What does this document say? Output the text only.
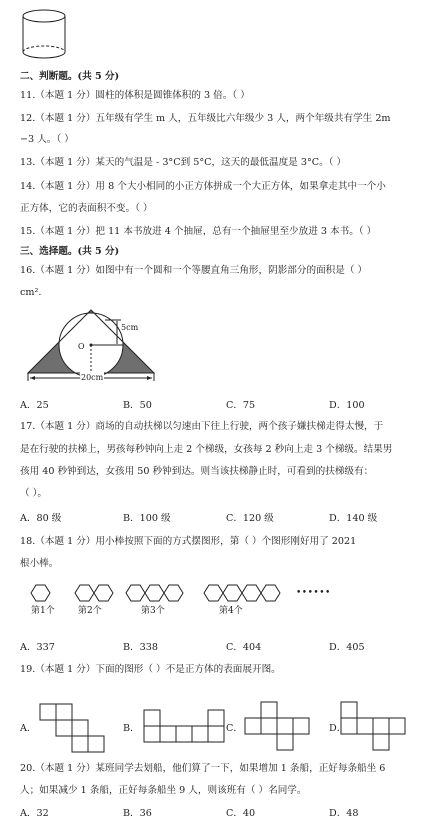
二、判断题。(共 5 分)
11.（本题 1 分）圆柱的体积是圆锥体积的 3 倍。（ ）
12.（本题 1 分）五年级有学生 m 人，五年级比六年级少 3 人，两个年级共有学生 2m
−3 人。（ ）
13.（本题 1 分）某天的气温是 - 3°C到 5°C，这天的最低温度是 3°C。（ ）
14.（本题 1 分）用 8 个大小相同的小正方体拼成一个大正方体，如果拿走其中一个小
正方体，它的表面积不变。（ ）
15.（本题 1 分）把 11 本书放进 4 个抽屉，总有一个抽屉里至少放进 3 本书。（ ）
三、选择题。(共 5 分)
16.（本题 1 分）如图中有一个圆和一个等腰直角三角形，阴影部分的面积是（ ）
cm².
5cm
O
20cm
A．25	B．50	C．75	D．100
17.（本题 1 分）商场的自动扶梯以匀速由下往上行驶，两个孩子嫌扶梯走得太慢，于
是在行驶的扶梯上，男孩每秒钟向上走 2 个梯级，女孩每 2 秒向上走 3 个梯级。结果男
孩用 40 秒钟到达，女孩用 50 秒钟到达。则当该扶梯静止时，可看到的扶梯级有：
（ ）。
A．80 级	B．100 级	C．120 级	D．140 级
18.（本题 1 分）用小棒按照下面的方式摆图形，第（ ）个图形刚好用了 2021
根小棒。
••••••
第1个	第2个	第3个	第4个
A．337	B．338	C．404	D．405
19.（本题 1 分）下面的图形（ ）不是正方体的表面展开图。
A．	B．	C．	D．
20.（本题 1 分）某班同学去划船，他们算了一下，如果增加 1 条船，正好每条船坐 6
人；如果减少 1 条船，正好每条船坐 9 人，则该班有（ ）名同学。
A．32	B．36	C．40	D．48
